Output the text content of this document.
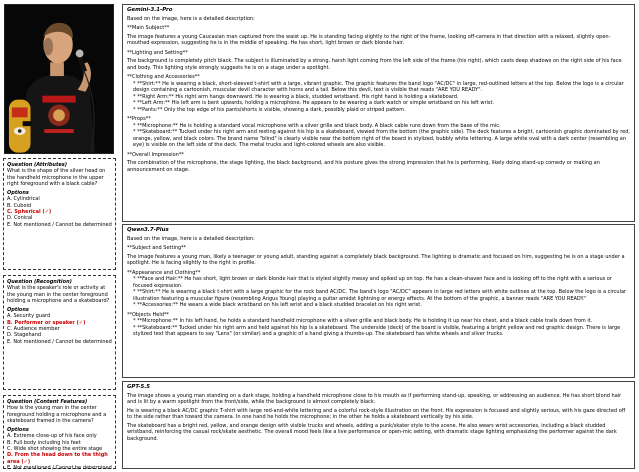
Question (Attributes)
What is the shape of the silver head on the handheld microphone in the upper right foreground with a black cable?
Options
A. Cylindrical
B. Cuboid
C. Spherical (✓)
D. Conical
E. Not mentioned / Cannot be determined
Question (Recognition)
What is the speaker's role or activity at the young man in the center foreground holding a microphone and a skateboard?
Options
A. Security guard
B. Performer or speaker (✓)
C. Audience member
D. Stagehand
E. Not mentioned / Cannot be determined
Question (Content Features)
How is the young man in the center foreground holding a microphone and a skateboard framed in the camera?
Options
A. Extreme close-up of his face only
B. Full body including his feet
C. Wide shot showing the entire stage
D. From the head down to the thigh area (✓)
E. Not mentioned / Cannot be determined
Gemini-3.1-Pro
Based on the image, here is a detailed description:
**Main Subject**
The image features a young Caucasian man captured from the waist up. He is standing facing slightly to the right of the frame, looking off-camera in that direction with a relaxed, slightly open-mouthed expression, suggesting he is in the middle of speaking. He has short, light brown or dark blonde hair.
**Lighting and Setting**
The background is completely pitch black. The subject is illuminated by a strong, harsh light coming from the left side of the frame (his right), which casts deep shadows on the right side of his face and body. This lighting style strongly suggests he is on a stage under a spotlight.
**Clothing and Accessories**
* **Shirt:** He is wearing a black, short-sleeved t-shirt with a large, vibrant graphic. The graphic features the band logo "AC/DC" in large, red-outlined letters at the top. Below the logo is a circular design containing a cartoonish, muscular devil character with horns and a tail. Below this devil, text is visible that reads "ARE YOU READY".
* **Right Arm:** His right arm hangs downward. He is wearing a black, studded wristband. His right hand is holding a skateboard.
* **Left Arm:** His left arm is bent upwards, holding a microphone. He appears to be wearing a dark watch or simple wristband on his left wrist.
* **Pants:** Only the top edge of his pants/shorts is visible, showing a dark, possibly plaid or striped pattern.
**Props**
* **Microphone:** He is holding a standard vocal microphone with a silver grille and black body. A black cable runs down from the base of the mic.
* **Skateboard:** Tucked under his right arm and resting against his hip is a skateboard, viewed from the bottom (the graphic side). The deck features a bright, cartoonish graphic dominated by red, orange, yellow, and black colors. The brand name "blind" is clearly visible near the bottom right of the board in stylized, bubbly white lettering. A large white oval with a dark center (resembling an eye) is visible on the left side of the deck. The metal trucks and light-colored wheels are also visible.
**Overall Impression**
The combination of the microphone, the stage lighting, the black background, and his posture gives the strong impression that he is performing, likely doing stand-up comedy or making an announcement on stage.
Qwen3.7-Plus
Based on the image, here is a detailed description:
**Subject and Setting**
The image features a young man, likely a teenager or young adult, standing against a completely black background. The lighting is dramatic and focused on him, suggesting he is on a stage under a spotlight. He is facing slightly to the right in profile.
**Appearance and Clothing**
* **Face and Hair:** He has short, light brown or dark blonde hair that is styled slightly messy and spiked up on top. He has a clean-shaven face and is looking off to the right with a serious or focused expression.
* **Shirt:** He is wearing a black t-shirt with a large graphic for the rock band AC/DC. The band's logo "AC/DC" appears in large red letters with white outlines at the top. Below the logo is a circular illustration featuring a muscular figure (resembling Angus Young) playing a guitar amidst lightning or energy effects. At the bottom of the graphic, a banner reads "ARE YOU READY."
* **Accessories:** He wears a wide black wristband on his left wrist and a black studded bracelet on his right wrist.
**Objects Held**
* **Microphone:** In his left hand, he holds a standard handheld microphone with a silver grille and black body. He is holding it up near his chest, and a black cable trails down from it.
* **Skateboard:** Tucked under his right arm and held against his hip is a skateboard. The underside (deck) of the board is visible, featuring a bright yellow and red graphic design. There is large stylized text that appears to say "Lens" (or similar) and a graphic of a hand giving a thumbs-up. The skateboard has white wheels and silver trucks.
GPT-5.5
The image shows a young man standing on a dark stage, holding a handheld microphone close to his mouth as if performing stand-up, speaking, or addressing an audience. He has short blond hair and is lit by a warm spotlight from the front/side, while the background is almost completely black.
He is wearing a black AC/DC graphic T-shirt with large red-and-white lettering and a colorful rock-style illustration on the front. His expression is focused and slightly serious, with his gaze directed off to the side rather than toward the camera. In one hand he holds the microphone; in the other he holds a skateboard vertically by his side.
The skateboard has a bright red, yellow, and orange design with visible trucks and wheels, adding a punk/skater style to the scene. He also wears wrist accessories, including a black studded wristband, reinforcing the casual rock/skate aesthetic. The overall mood feels like a live performance or open-mic setting, with dramatic stage lighting emphasizing the performer against the dark background.
